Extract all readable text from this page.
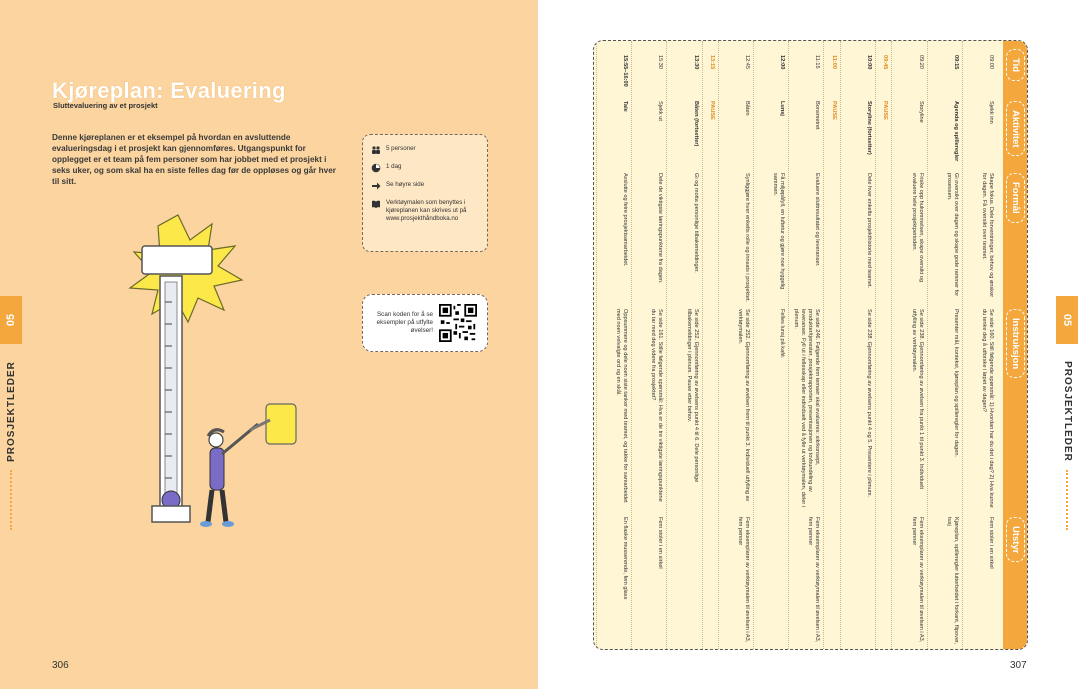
Kjøreplan: Evaluering
Sluttevaluering av et prosjekt
Denne kjøreplanen er et eksempel på hvordan en avsluttende evalueringsdag i et prosjekt kan gjennomføres. Utgangspunkt for opplegget er et team på fem personer som har jobbet med et prosjekt i seks uker, og som skal ha en siste felles dag før de oppløses og går hver til sitt.
5 personer
1 dag
Se høyre side
Verktøymalen som benyttes i kjøreplanen kan skrives ut på www.prosjekthåndboka.no
Scan koden for å se eksempler på utfylte øvelser!
05
PROSJEKTLEDER
306	307
Tid
Aktivitet
Formål
Instruksjon
Utstyr
09:00
Sjekk inn
Skape fokus. Dele forventninger, behov og ønsker for dagen. Få oversikt over teamet.
Se side 160. Still følgende spørsmål: 1) Hvordan har du det i dag? 2) Hva kunne du tenke deg å utforske i løpet av dagen?
Fem stoler i en sirkel
09:15
Agenda og spilleregler
Gi oversikt over dagen og skape gode rammer for prosessen.
Presenter mål, kontekst, kjøreplan og spilleregler for dagen.
Kjøreplan, spilleregler lutterbeidet i forkant, flipover, tusj
09:20
Storyline
Friske opp hukommelsen, skape oversikt og evaluere hele prosjektperioden.
Se side 238. Gjennomføring av øvelsen fra punkt 1 til punkt 3. Individuelt utfylling av verktøymalen.
Fem eksemplarer av verktøymalen til øvelsen i A3, fem penner
09:45
PAUSE
10:00
Storyline (fortsetter)
Dele hver enkelts prosjekthistorie med teamet.
Se side 238. Gjennomføring av øvelsens punkt 4 og 5. Presentere i plenum.
11:00
PAUSE
11:15
Bonsmetret
Evaluere sluttresultatet og leveranser.
Se side 246. Følgende fem temaer skal evalueres: sikrkonsept, produkter/tjenester, prosjektrapporten, presentasjonen og tovbundeling av leveranser. Fyll ut i fellesskap eller individuelt ved å fylle ut verktøymalen, deler i plenum.
Fem eksemplarer av verktøymalen til øvelsen i A3, fem penner
12:00
Lunsj
Få miljøpåfyll, en luftetur og gjøre noe hyggelig sammen.
Felles lunsj på kafé.
12:45
Båten
Synliggjøre hver enkelts rolle og innsats i prosjektet.
Se side 252. Gjennomføring av øvelsen frem til punkt 3. Individuell utfylling av verktøymalen.
Fem eksemplarer av verktøymalen til øvelsen i A3, fem penner
13:15
PAUSE
13:30
Båten (fortsetter)
Gi og motta personlige tilbakemeldinger.
Se side 252. Gjennomføring av øvelsens punkt 4 til 6. Dele personlige tilbakemeldinger i plenum. Pause etter behov.
15:30
Sjekk ut
Dele de viktigste læringspunktene fra dagen.
Se side 161. Stille følgende spørsmål: Hva er de tre viktigste læringspunktene du tar med deg videre fra prosjektet?
Fem stoler i en sirkel
15:55–16:00
Tale
Avslutte og feire prosjektsamarbeidet.
Oppsummere og dele noen siste tanker med teamet, og takke for samarbeidet med noen velvalgte ord og en skål.
En flaske musserende, fem glass
05
PROSJEKTLEDER
